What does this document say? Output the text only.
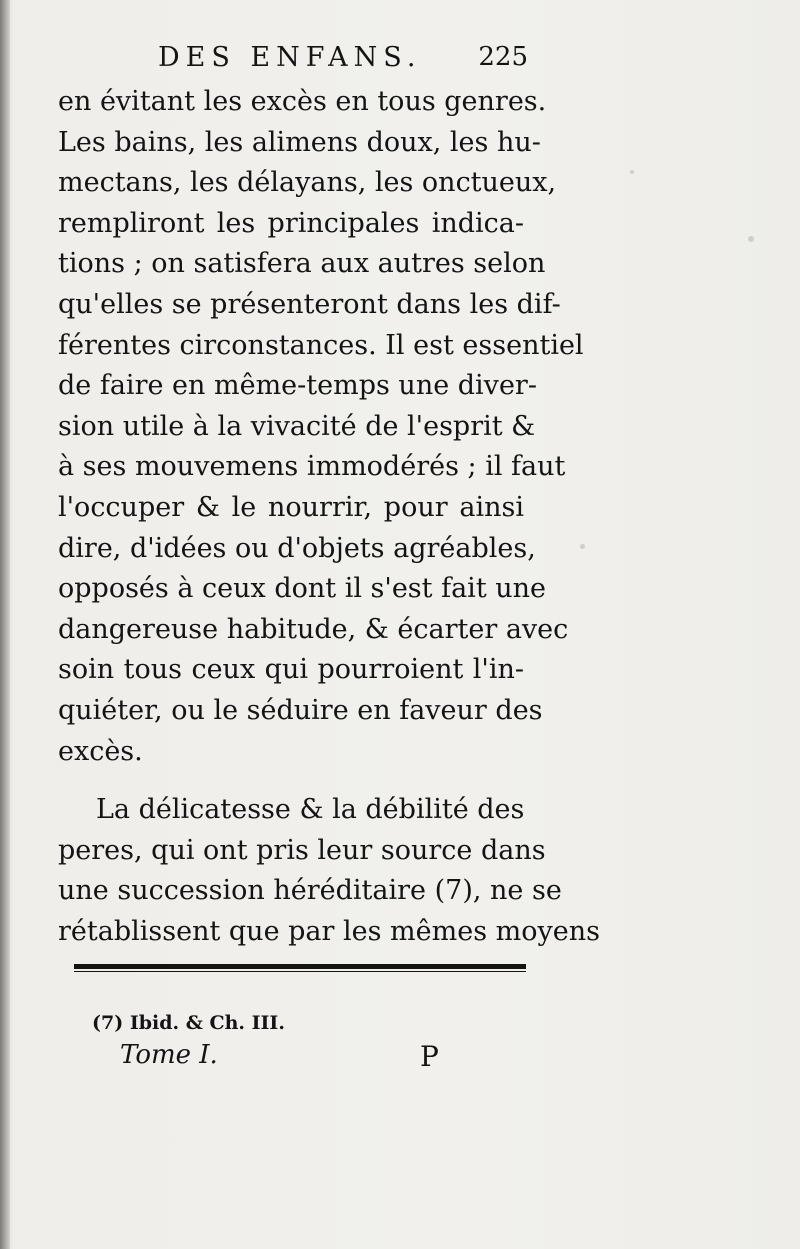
DES ENFANS. 225
en évitant les excès en tous genres.
Les bains, les alimens doux, les hu-
mectans, les délayans, les onctueux,
rempliront les principales indica-
tions ; on satisfera aux autres selon
qu'elles se présenteront dans les dif-
férentes circonstances. Il est essentiel
de faire en même-temps une diver-
sion utile à la vivacité de l'esprit &
à ses mouvemens immodérés ; il faut
l'occuper & le nourrir, pour ainsi
dire, d'idées ou d'objets agréables,
opposés à ceux dont il s'est fait une
dangereuse habitude, & écarter avec
soin tous ceux qui pourroient l'in-
quiéter, ou le séduire en faveur des
excès.
La délicatesse & la débilité des
peres, qui ont pris leur source dans
une succession héréditaire (7), ne se
rétablissent que par les mêmes moyens
(7) Ibid. & Ch. III.
Tome I.	P
